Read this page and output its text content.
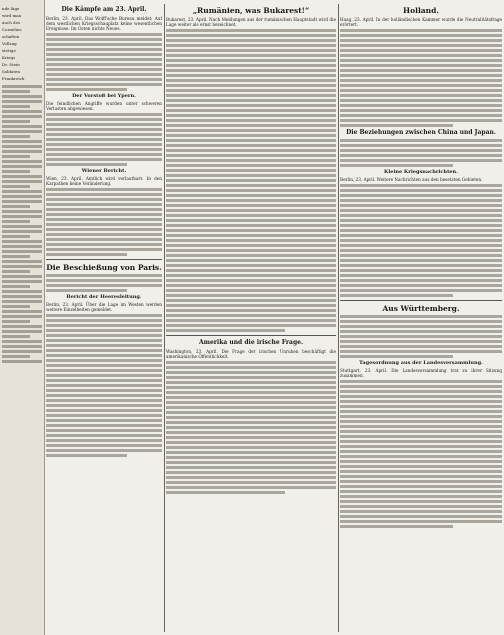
nde läge
wird man
auch des
Cornelius
schaften
Vollzug
stetige
Kriegs
Dr. Stein
Soldaten
Frankreich
Die Kämpfe am 23. April.
Berlin, 23. April. Das Wolff'sche Bureau meldet: Auf dem westlichen Kriegsschauplatz keine wesentlichen Ereignisse. Im Osten nichts Neues.
Der Vorstoß bei Ypern.
Die feindlichen Angriffe wurden unter schweren Verlusten abgewiesen.
Wiener Bericht.
Wien, 23. April. Amtlich wird verlautbart: In den Karpathen keine Veränderung.
Die Beschießung von Paris.
Bericht der Heeresleitung.
Berlin, 23. April. Über die Lage im Westen werden weitere Einzelheiten gemeldet.
„Rumänien, was Bukarest!“
Bukarest, 23. April. Nach Meldungen aus der rumänischen Hauptstadt wird die Lage weiter als ernst bezeichnet.
Amerika und die irische Frage.
Washington, 23. April. Die Frage der irischen Unruhen beschäftigt die amerikanische Öffentlichkeit.
Holland.
Haag, 23. April. In der holländischen Kammer wurde die Neutralitätsfrage erörtert.
Die Beziehungen zwischen China und Japan.
Kleine Kriegsnachrichten.
Berlin, 23. April. Weitere Nachrichten aus den besetzten Gebieten.
Aus Württemberg.
Tagesordnung aus der Landesversammlung.
Stuttgart, 23. April. Die Landesversammlung trat zu ihrer Sitzung zusammen.
